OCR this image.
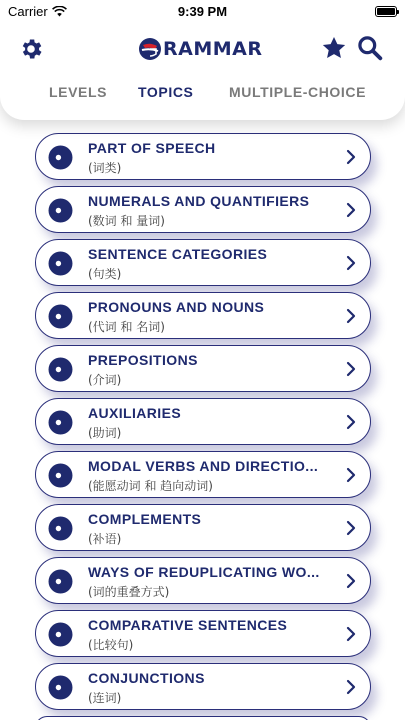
Carrier	9:39 PM
RAMMAR
LEVELS TOPICS	MULTIPLE-CHOICE
PART OF SPEECH
(词类)
NUMERALS AND QUANTIFIERS
(数词 和 量词)
SENTENCE CATEGORIES
(句类)
PRONOUNS AND NOUNS
(代词 和 名词)
PREPOSITIONS
(介词)
AUXILIARIES
(助词)
MODAL VERBS AND DIRECTIO...
(能愿动词 和 趋向动词)
COMPLEMENTS
(补语)
WAYS OF REDUPLICATING WO...
(词的重叠方式)
COMPARATIVE SENTENCES
(比较句)
CONJUNCTIONS
(连词)
